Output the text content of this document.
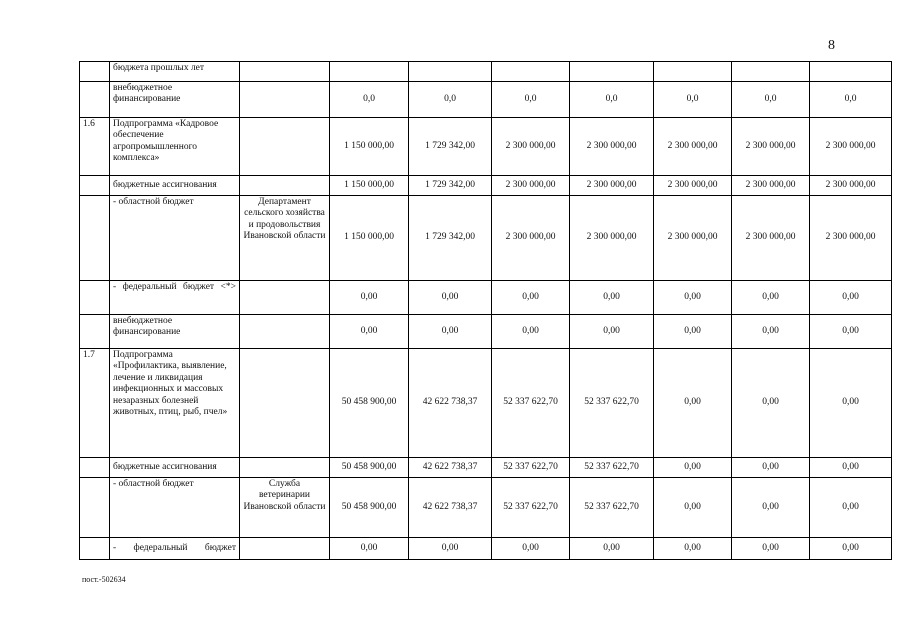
8
	бюджета прошлых лет								
	внебюджетное финансирование		0,0	0,0	0,0	0,0	0,0	0,0	0,0
1.6	Подпрограмма «Кадровое обеспечение агропромышленного комплекса»		1 150 000,00	1 729 342,00	2 300 000,00	2 300 000,00	2 300 000,00	2 300 000,00	2 300 000,00
	бюджетные ассигнования		1 150 000,00	1 729 342,00	2 300 000,00	2 300 000,00	2 300 000,00	2 300 000,00	2 300 000,00
	- областной бюджет	Департамент сельского хозяйства и продовольствия Ивановской области	1 150 000,00	1 729 342,00	2 300 000,00	2 300 000,00	2 300 000,00	2 300 000,00	2 300 000,00
	- федеральный бюджет <*>		0,00	0,00	0,00	0,00	0,00	0,00	0,00
	внебюджетное финансирование		0,00	0,00	0,00	0,00	0,00	0,00	0,00
1.7	Подпрограмма «Профилактика, выявление, лечение и ликвидация инфекционных и массовых незаразных болезней животных, птиц, рыб, пчел»		50 458 900,00	42 622 738,37	52 337 622,70	52 337 622,70	0,00	0,00	0,00
	бюджетные ассигнования		50 458 900,00	42 622 738,37	52 337 622,70	52 337 622,70	0,00	0,00	0,00
	- областной бюджет	Служба ветеринарии Ивановской области	50 458 900,00	42 622 738,37	52 337 622,70	52 337 622,70	0,00	0,00	0,00
	- федеральный бюджет		0,00	0,00	0,00	0,00	0,00	0,00	0,00
пост.-502634
